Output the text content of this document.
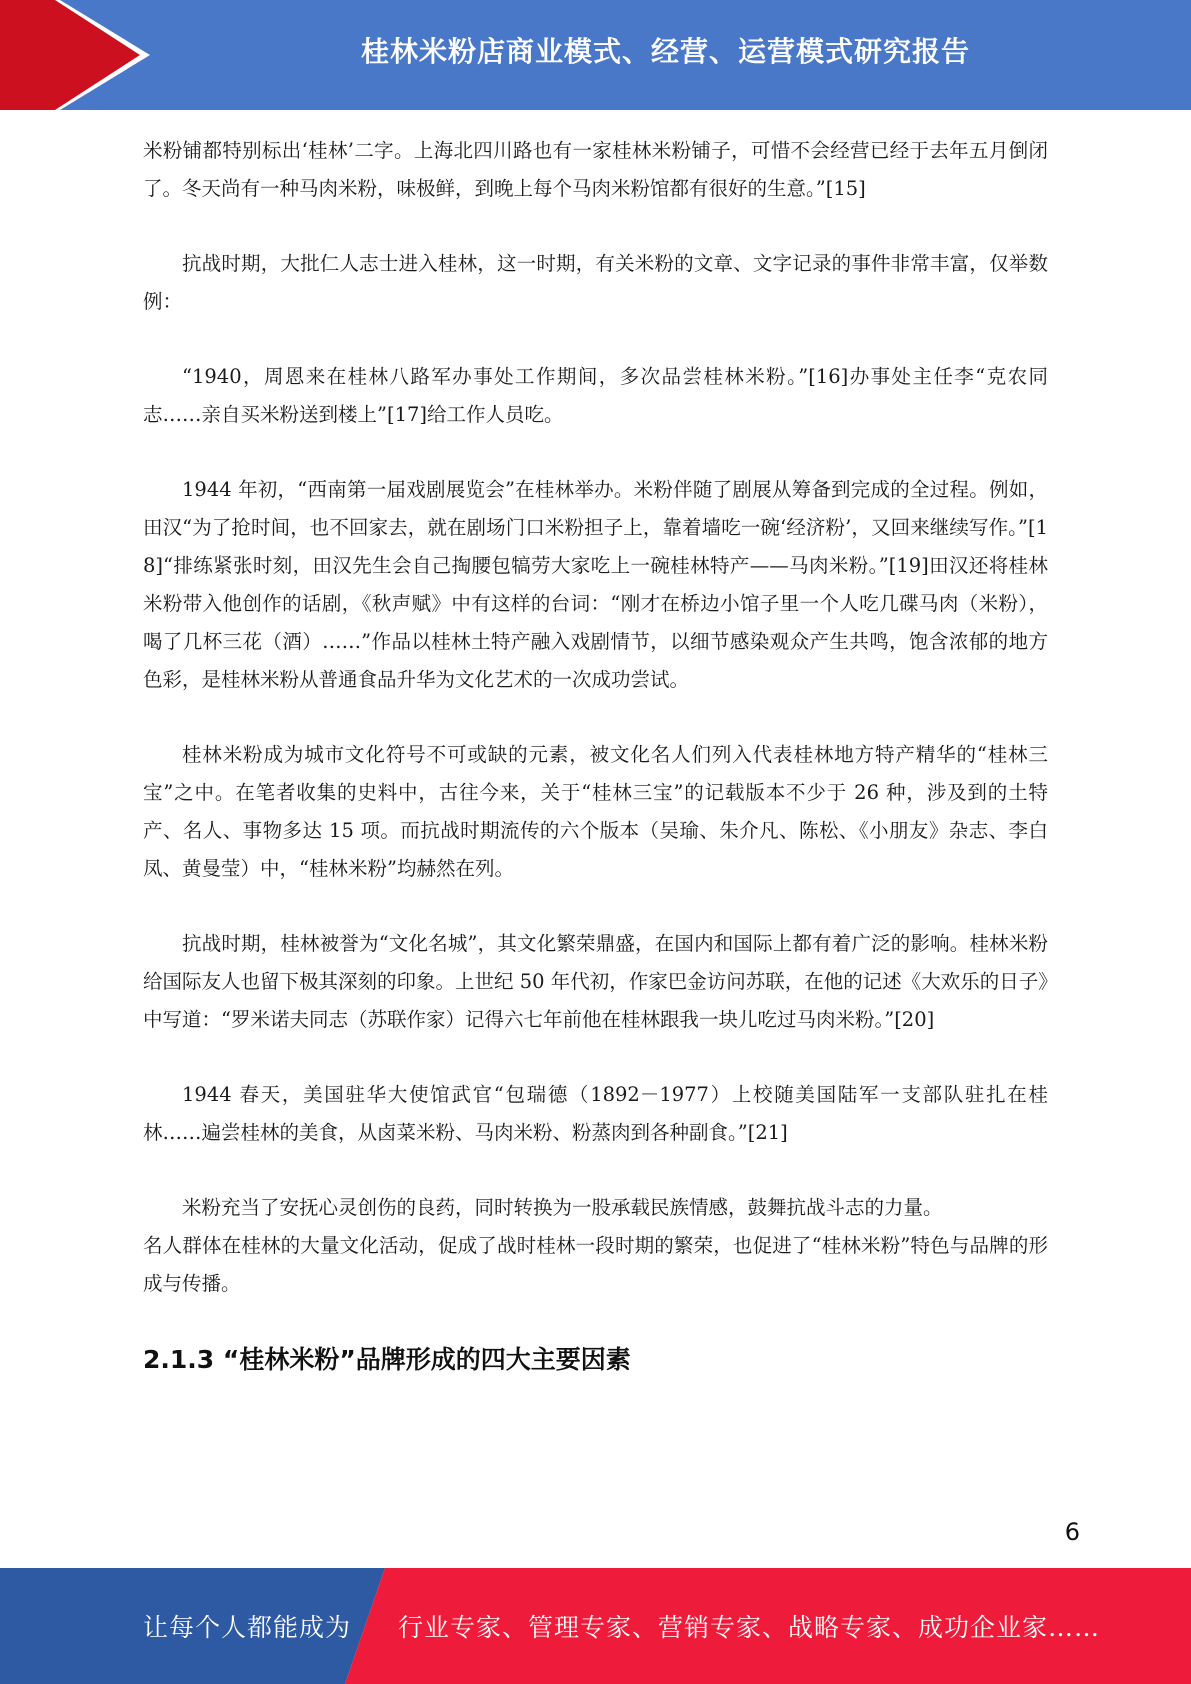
桂林米粉店商业模式、经营、运营模式研究报告

米粉铺都特别标出‘桂林’二字。上海北四川路也有一家桂林米粉铺子，可惜不会经营已经于去年五月倒闭了。冬天尚有一种马肉米粉，味极鲜，到晚上每个马肉米粉馆都有很好的生意。”[15]

抗战时期，大批仁人志士进入桂林，这一时期，有关米粉的文章、文字记录的事件非常丰富，仅举数例：

“1940，周恩来在桂林八路军办事处工作期间，多次品尝桂林米粉。”[16]办事处主任李“克农同志……亲自买米粉送到楼上”[17]给工作人员吃。

1944 年初，“西南第一届戏剧展览会”在桂林举办。米粉伴随了剧展从筹备到完成的全过程。例如，田汉“为了抢时间，也不回家去，就在剧场门口米粉担子上，靠着墙吃一碗‘经济粉’，又回来继续写作。”[18]“排练紧张时刻，田汉先生会自己掏腰包犒劳大家吃上一碗桂林特产——马肉米粉。”[19]田汉还将桂林米粉带入他创作的话剧，《秋声赋》中有这样的台词：“刚才在桥边小馆子里一个人吃几碟马肉（米粉），喝了几杯三花（酒）……”作品以桂林土特产融入戏剧情节，以细节感染观众产生共鸣，饱含浓郁的地方色彩，是桂林米粉从普通食品升华为文化艺术的一次成功尝试。

桂林米粉成为城市文化符号不可或缺的元素，被文化名人们列入代表桂林地方特产精华的“桂林三宝”之中。在笔者收集的史料中，古往今来，关于“桂林三宝”的记载版本不少于 26 种，涉及到的土特产、名人、事物多达 15 项。而抗战时期流传的六个版本（吴瑜、朱介凡、陈松、《小朋友》杂志、李白凤、黄曼莹）中，“桂林米粉”均赫然在列。

抗战时期，桂林被誉为“文化名城”，其文化繁荣鼎盛，在国内和国际上都有着广泛的影响。桂林米粉给国际友人也留下极其深刻的印象。上世纪 50 年代初，作家巴金访问苏联，在他的记述《大欢乐的日子》中写道：“罗米诺夫同志（苏联作家）记得六七年前他在桂林跟我一块儿吃过马肉米粉。”[20]

1944 春天，美国驻华大使馆武官“包瑞德（1892－1977）上校随美国陆军一支部队驻扎在桂林……遍尝桂林的美食，从卤菜米粉、马肉米粉、粉蒸肉到各种副食。”[21]

米粉充当了安抚心灵创伤的良药，同时转换为一股承载民族情感，鼓舞抗战斗志的力量。

名人群体在桂林的大量文化活动，促成了战时桂林一段时期的繁荣，也促进了“桂林米粉”特色与品牌的形成与传播。

2.1.3 “桂林米粉”品牌形成的四大主要因素
6
让每个人都能成为 行业专家、管理专家、营销专家、战略专家、成功企业家……
